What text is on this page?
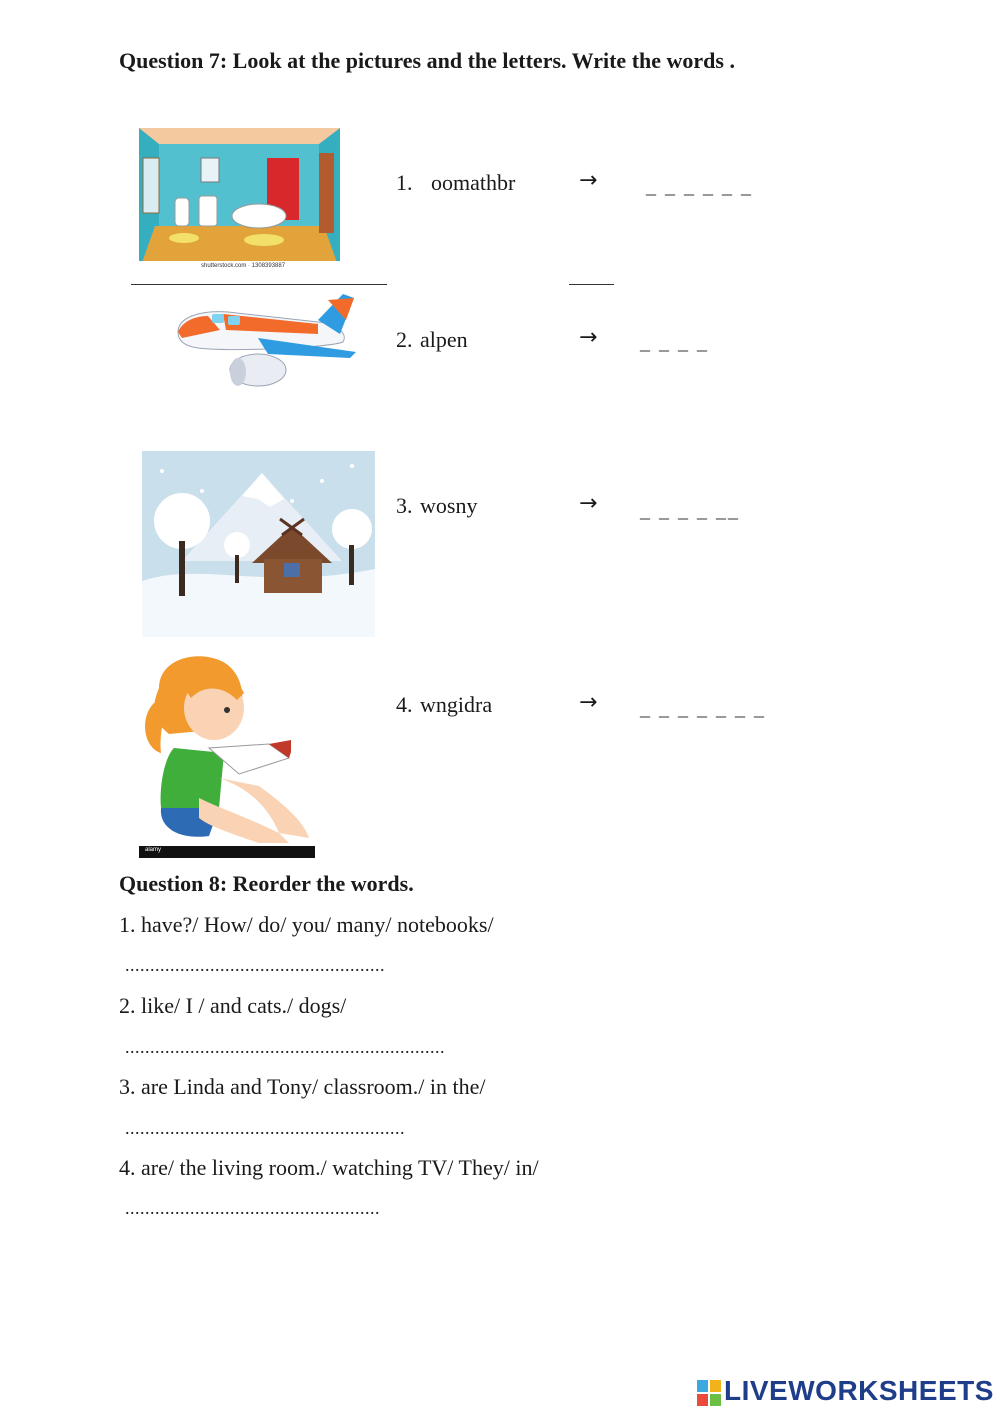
Question 7: Look at the pictures and the letters. Write the words .
shutterstock.com · 1308393887
1. oomathbr	→ _ _ _ _ _ _
2. alpen	→ _ _ _ _
3. wosny	→ _ _ _ _ __
alamy
4. wngidra	→ _ _ _ _ _ _ _
Question 8: Reorder the words.
1. have?/ How/ do/ you/ many/ notebooks/
....................................................
2. like/ I / and cats./ dogs/
................................................................
3. are Linda and Tony/ classroom./ in the/
........................................................
4. are/ the living room./ watching TV/ They/ in/
...................................................
LIVEWORKSHEETS
